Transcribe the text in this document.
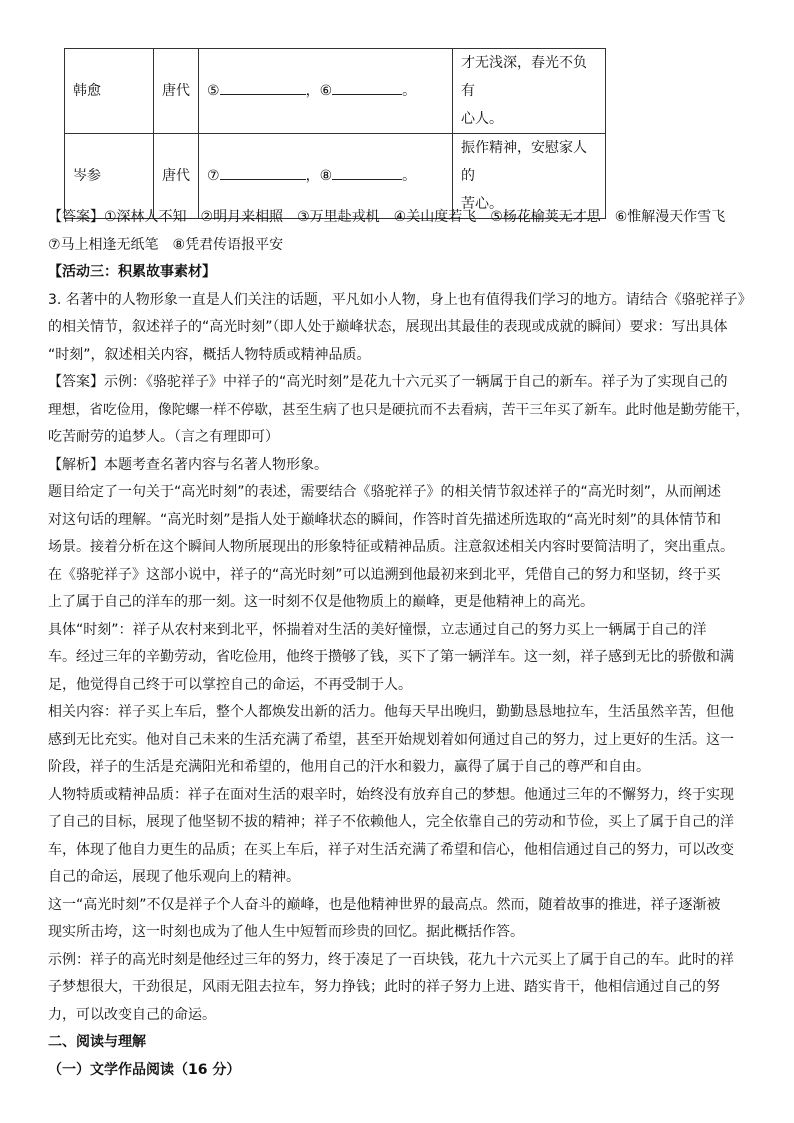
韩愈	唐代	⑤ ，⑥ 。	才无浅深，春光不负有
心人。

岑参	唐代	⑦ ，⑧ 。	振作精神，安慰家人的
苦心。
【答案】①深林人不知　②明月来相照　③万里赴戎机　④关山度若飞　⑤杨花榆荚无才思　⑥惟解漫天作雪飞
⑦马上相逢无纸笔　⑧凭君传语报平安
【活动三：积累故事素材】
3. 名著中的人物形象一直是人们关注的话题，平凡如小人物，身上也有值得我们学习的地方。请结合《骆驼祥子》
的相关情节，叙述祥子的“高光时刻”（即人处于巅峰状态，展现出其最佳的表现或成就的瞬间）要求：写出具体
“时刻”，叙述相关内容，概括人物特质或精神品质。
【答案】示例：《骆驼祥子》中祥子的“高光时刻”是花九十六元买了一辆属于自己的新车。祥子为了实现自己的
理想，省吃俭用，像陀螺一样不停歇，甚至生病了也只是硬抗而不去看病，苦干三年买了新车。此时他是勤劳能干，
吃苦耐劳的追梦人。（言之有理即可）
【解析】本题考查名著内容与名著人物形象。
题目给定了一句关于“高光时刻”的表述，需要结合《骆驼祥子》的相关情节叙述祥子的“高光时刻”，从而阐述
对这句话的理解。“高光时刻”是指人处于巅峰状态的瞬间，作答时首先描述所选取的“高光时刻”的具体情节和
场景。接着分析在这个瞬间人物所展现出的形象特征或精神品质。注意叙述相关内容时要简洁明了，突出重点。
在《骆驼祥子》这部小说中，祥子的“高光时刻”可以追溯到他最初来到北平，凭借自己的努力和坚韧，终于买
上了属于自己的洋车的那一刻。这一时刻不仅是他物质上的巅峰，更是他精神上的高光。
具体“时刻”：祥子从农村来到北平，怀揣着对生活的美好憧憬，立志通过自己的努力买上一辆属于自己的洋
车。经过三年的辛勤劳动，省吃俭用，他终于攒够了钱，买下了第一辆洋车。这一刻，祥子感到无比的骄傲和满
足，他觉得自己终于可以掌控自己的命运，不再受制于人。
相关内容：祥子买上车后，整个人都焕发出新的活力。他每天早出晚归，勤勤恳恳地拉车，生活虽然辛苦，但他
感到无比充实。他对自己未来的生活充满了希望，甚至开始规划着如何通过自己的努力，过上更好的生活。这一
阶段，祥子的生活是充满阳光和希望的，他用自己的汗水和毅力，赢得了属于自己的尊严和自由。
人物特质或精神品质：祥子在面对生活的艰辛时，始终没有放弃自己的梦想。他通过三年的不懈努力，终于实现
了自己的目标，展现了他坚韧不拔的精神；祥子不依赖他人，完全依靠自己的劳动和节俭，买上了属于自己的洋
车，体现了他自力更生的品质；在买上车后，祥子对生活充满了希望和信心，他相信通过自己的努力，可以改变
自己的命运，展现了他乐观向上的精神。
这一“高光时刻”不仅是祥子个人奋斗的巅峰，也是他精神世界的最高点。然而，随着故事的推进，祥子逐渐被
现实所击垮，这一时刻也成为了他人生中短暂而珍贵的回忆。据此概括作答。
示例：祥子的高光时刻是他经过三年的努力，终于凑足了一百块钱，花九十六元买上了属于自己的车。此时的祥
子梦想很大，干劲很足，风雨无阻去拉车，努力挣钱；此时的祥子努力上进、踏实肯干，他相信通过自己的努
力，可以改变自己的命运。
二、阅读与理解
（一）文学作品阅读（16 分）
